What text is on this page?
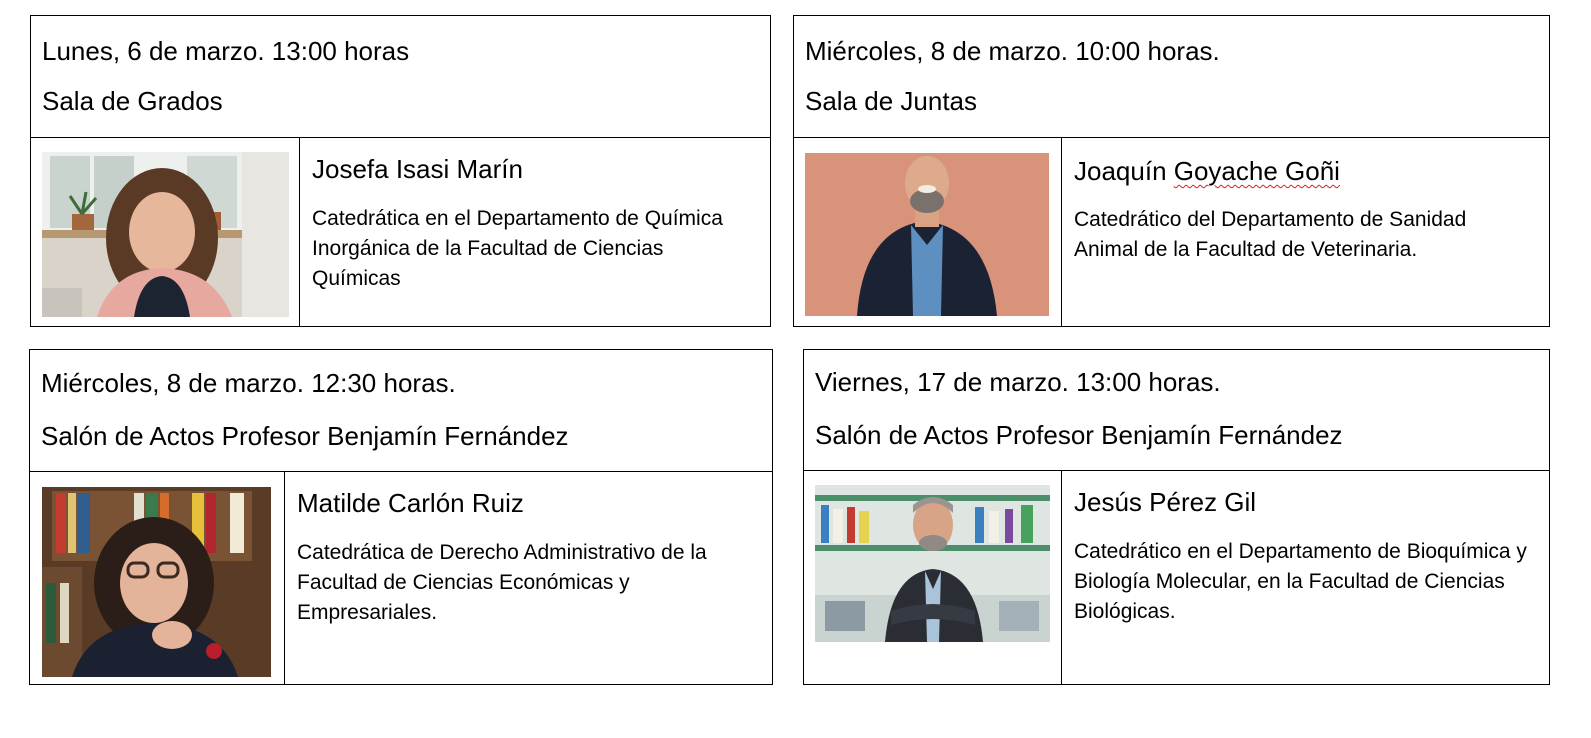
Lunes, 6 de marzo. 13:00 horas
Sala de Grados
Josefa Isasi Marín
Catedrática en el Departamento de Química Inorgánica de la Facultad de Ciencias Químicas
Miércoles, 8 de marzo. 10:00 horas.
Sala de Juntas
Joaquín Goyache Goñi
Catedrático del Departamento de Sanidad Animal de la Facultad de Veterinaria.
Miércoles, 8 de marzo. 12:30 horas.
Salón de Actos Profesor Benjamín Fernández
Matilde Carlón Ruiz
Catedrática de Derecho Administrativo de la Facultad de Ciencias Económicas y Empresariales.
Viernes, 17 de marzo. 13:00 horas.
Salón de Actos Profesor Benjamín Fernández
Jesús Pérez Gil
Catedrático en el Departamento de Bioquímica y Biología Molecular, en la Facultad de Ciencias Biológicas.
